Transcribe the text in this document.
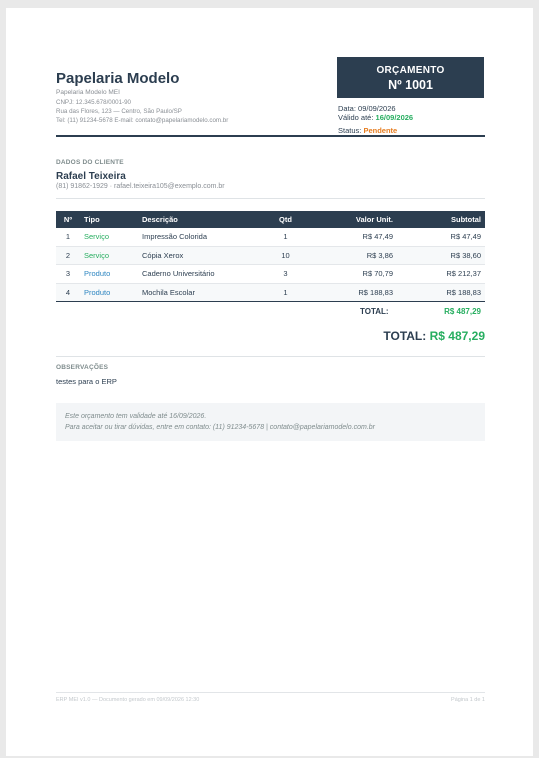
Papelaria Modelo
Papelaria Modelo MEI
CNPJ: 12.345.678/0001-90
Rua das Flores, 123 — Centro, São Paulo/SP
Tel: (11) 91234-5678 E-mail: contato@papelariamodelo.com.br
ORÇAMENTO
Nº 1001
Data: 09/09/2026
Válido até: 16/09/2026
Status: Pendente
DADOS DO CLIENTE
Rafael Teixeira
(81) 91862-1929 · rafael.teixeira105@exemplo.com.br
Nº	Tipo	Descrição	Qtd	Valor Unit.	Subtotal
1	Serviço	Impressão Colorida	1	R$ 47,49	R$ 47,49
2	Serviço	Cópia Xerox	10	R$ 3,86	R$ 38,60
3	Produto	Caderno Universitário	3	R$ 70,79	R$ 212,37
4	Produto	Mochila Escolar	1	R$ 188,83	R$ 188,83
TOTAL:	R$ 487,29
TOTAL: R$ 487,29
OBSERVAÇÕES
testes para o ERP
Este orçamento tem validade até 16/09/2026.
Para aceitar ou tirar dúvidas, entre em contato: (11) 91234-5678 | contato@papelariamodelo.com.br
ERP MEI v1.0 — Documento gerado em 09/09/2026 12:30	Página 1 de 1
